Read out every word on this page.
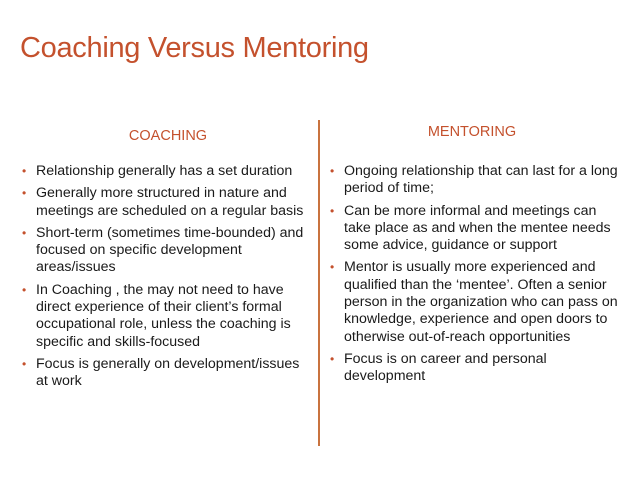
Coaching Versus Mentoring
COACHING	MENTORING
• Relationship generally has a set duration
• Generally more structured in nature and meetings are scheduled on a regular basis
• Short-term (sometimes time-bounded) and focused on specific development areas/issues
• In Coaching , the may not need to have direct experience of their client’s formal occupational role, unless the coaching is specific and skills-focused
• Focus is generally on development/issues at work
• Ongoing relationship that can last for a long period of time;
• Can be more informal and meetings can take place as and when the mentee needs some advice, guidance or support
• Mentor is usually more experienced and qualified than the ‘mentee’. Often a senior person in the organization who can pass on knowledge, experience and open doors to otherwise out-of-reach opportunities
• Focus is on career and personal development
